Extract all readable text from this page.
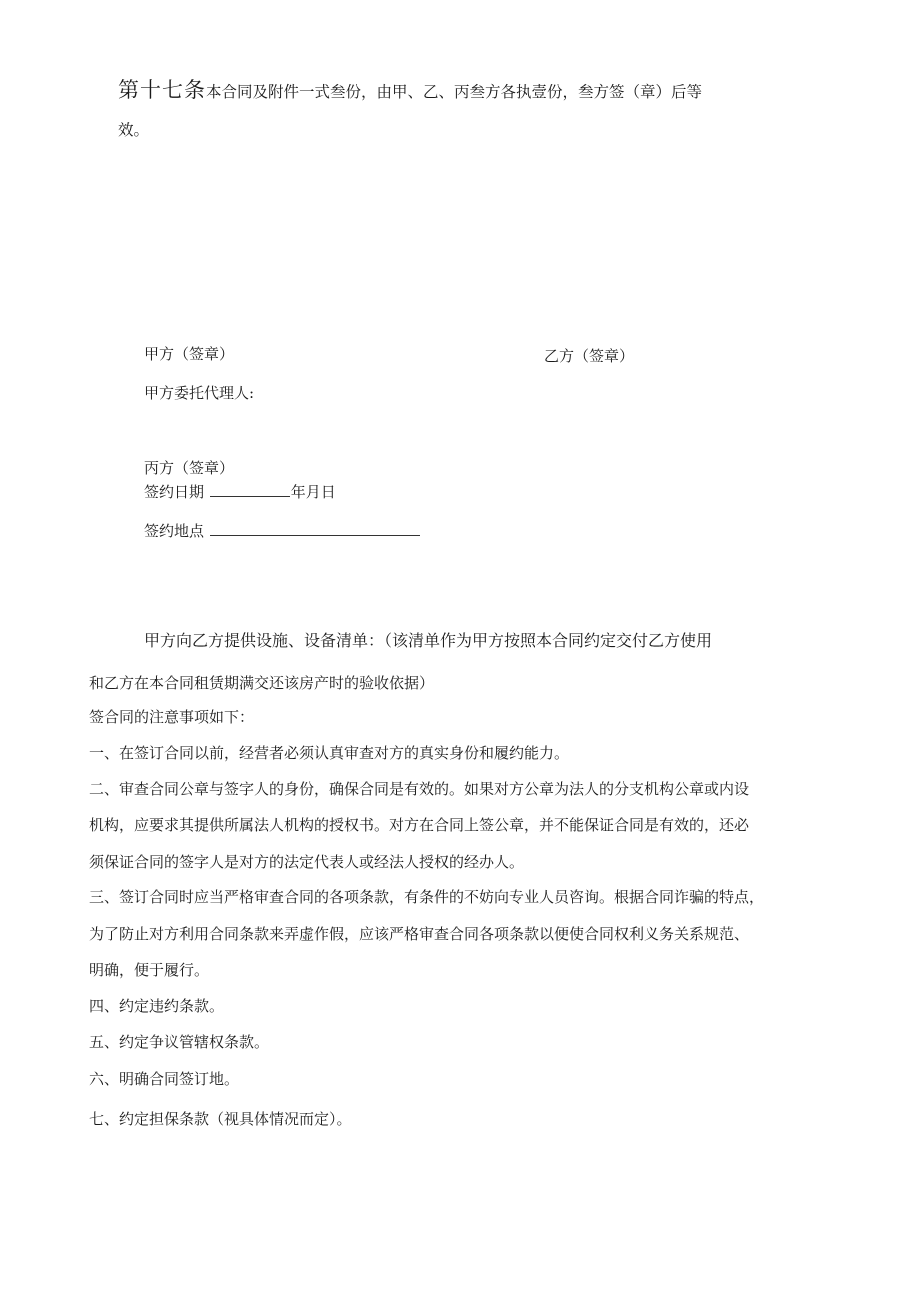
第十七条本合同及附件一式叁份，由甲、乙、丙叁方各执壹份，叁方签（章）后等
效。
甲方（签章）	乙方（签章）
甲方委托代理人:
丙方（签章）
签约日期	年月日
签约地点
甲方向乙方提供设施、设备清单：（该清单作为甲方按照本合同约定交付乙方使用
和乙方在本合同租赁期满交还该房产时的验收依据）
签合同的注意事项如下：
一、在签订合同以前，经营者必须认真审查对方的真实身份和履约能力。
二、审查合同公章与签字人的身份，确保合同是有效的。如果对方公章为法人的分支机构公章或内设
机构，应要求其提供所属法人机构的授权书。对方在合同上签公章，并不能保证合同是有效的，还必
须保证合同的签字人是对方的法定代表人或经法人授权的经办人。
三、签订合同时应当严格审查合同的各项条款，有条件的不妨向专业人员咨询。根据合同诈骗的特点，
为了防止对方利用合同条款来弄虚作假，应该严格审查合同各项条款以便使合同权利义务关系规范、
明确，便于履行。
四、约定违约条款。
五、约定争议管辖权条款。
六、明确合同签订地。
七、约定担保条款（视具体情况而定）。
